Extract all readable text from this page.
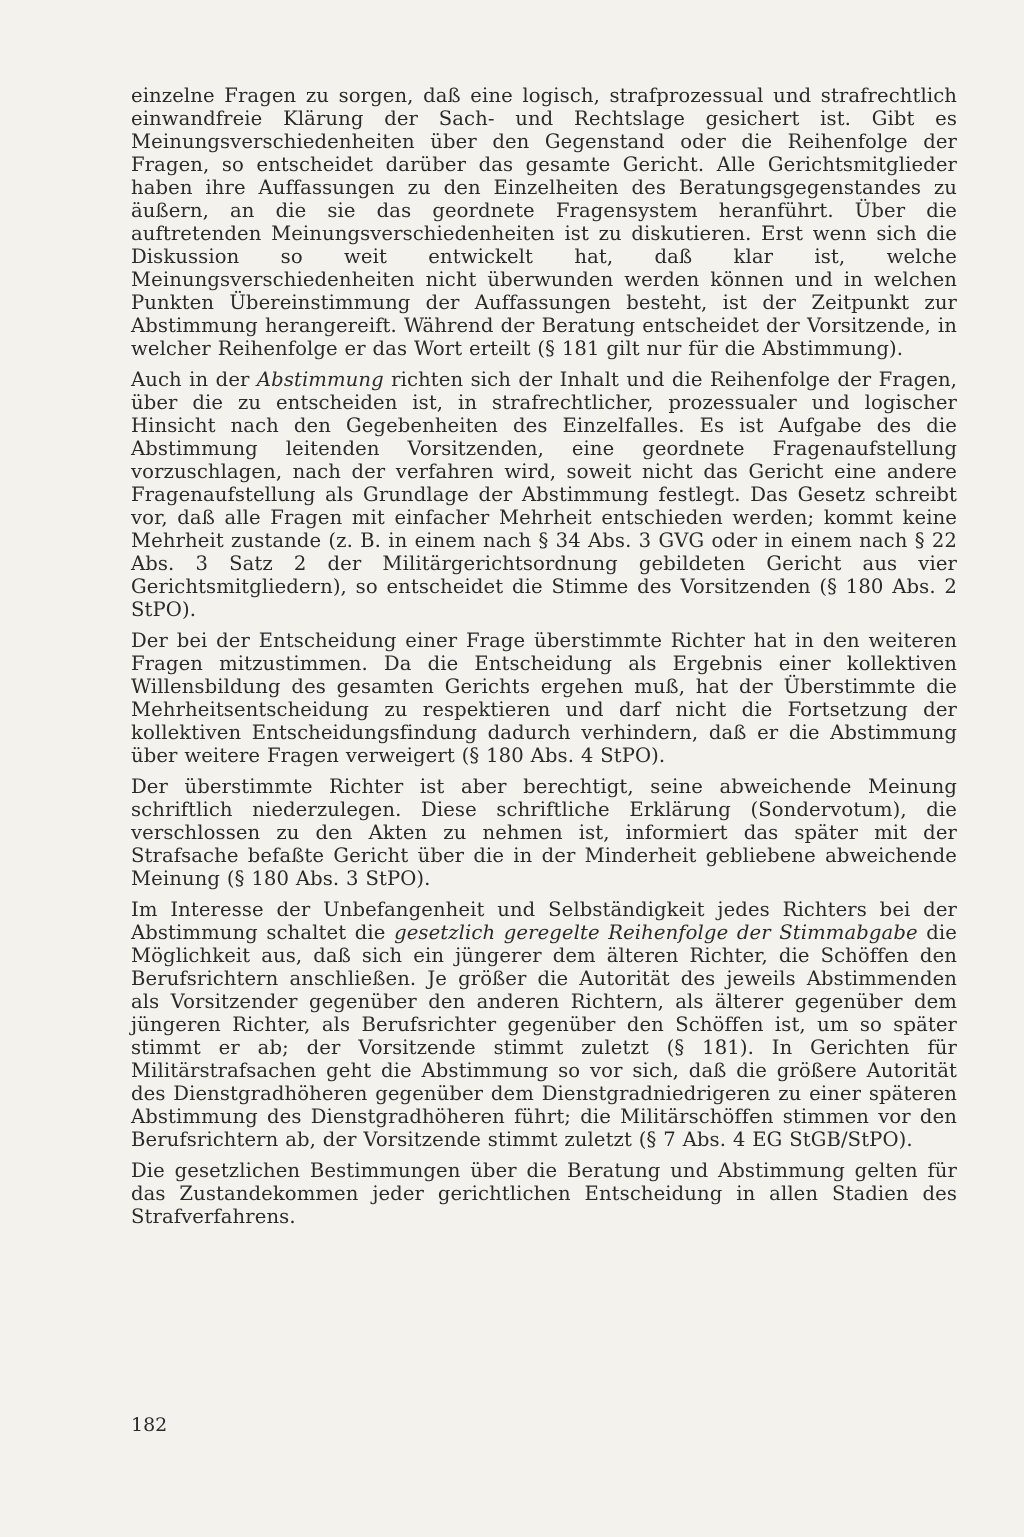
einzelne Fragen zu sorgen, daß eine logisch, strafprozessual und strafrechtlich einwandfreie Klärung der Sach- und Rechtslage gesichert ist. Gibt es Meinungsverschiedenheiten über den Gegenstand oder die Reihenfolge der Fragen, so entscheidet darüber das gesamte Gericht. Alle Gerichtsmitglieder haben ihre Auffassungen zu den Einzelheiten des Beratungsgegenstandes zu äußern, an die sie das geordnete Fragensystem heranführt. Über die auftretenden Meinungsverschiedenheiten ist zu diskutieren. Erst wenn sich die Diskussion so weit entwickelt hat, daß klar ist, welche Meinungsverschiedenheiten nicht überwunden werden können und in welchen Punkten Übereinstimmung der Auffassungen besteht, ist der Zeitpunkt zur Abstimmung herangereift. Während der Beratung entscheidet der Vorsitzende, in welcher Reihenfolge er das Wort erteilt (§ 181 gilt nur für die Abstimmung).

Auch in der Abstimmung richten sich der Inhalt und die Reihenfolge der Fragen, über die zu entscheiden ist, in strafrechtlicher, prozessualer und logischer Hinsicht nach den Gegebenheiten des Einzelfalles. Es ist Aufgabe des die Abstimmung leitenden Vorsitzenden, eine geordnete Fragenaufstellung vorzuschlagen, nach der verfahren wird, soweit nicht das Gericht eine andere Fragenaufstellung als Grundlage der Abstimmung festlegt. Das Gesetz schreibt vor, daß alle Fragen mit einfacher Mehrheit entschieden werden; kommt keine Mehrheit zustande (z. B. in einem nach § 34 Abs. 3 GVG oder in einem nach § 22 Abs. 3 Satz 2 der Militärgerichtsordnung gebildeten Gericht aus vier Gerichtsmitgliedern), so entscheidet die Stimme des Vorsitzenden (§ 180 Abs. 2 StPO).

Der bei der Entscheidung einer Frage überstimmte Richter hat in den weiteren Fragen mitzustimmen. Da die Entscheidung als Ergebnis einer kollektiven Willensbildung des gesamten Gerichts ergehen muß, hat der Überstimmte die Mehrheitsentscheidung zu respektieren und darf nicht die Fortsetzung der kollektiven Entscheidungsfindung dadurch verhindern, daß er die Abstimmung über weitere Fragen verweigert (§ 180 Abs. 4 StPO).

Der überstimmte Richter ist aber berechtigt, seine abweichende Meinung schriftlich niederzulegen. Diese schriftliche Erklärung (Sondervotum), die verschlossen zu den Akten zu nehmen ist, informiert das später mit der Strafsache befaßte Gericht über die in der Minderheit gebliebene abweichende Meinung (§ 180 Abs. 3 StPO).

Im Interesse der Unbefangenheit und Selbständigkeit jedes Richters bei der Abstimmung schaltet die gesetzlich geregelte Reihenfolge der Stimmabgabe die Möglichkeit aus, daß sich ein jüngerer dem älteren Richter, die Schöffen den Berufsrichtern anschließen. Je größer die Autorität des jeweils Abstimmenden als Vorsitzender gegenüber den anderen Richtern, als älterer gegenüber dem jüngeren Richter, als Berufsrichter gegenüber den Schöffen ist, um so später stimmt er ab; der Vorsitzende stimmt zuletzt (§ 181). In Gerichten für Militärstrafsachen geht die Abstimmung so vor sich, daß die größere Autorität des Dienstgradhöheren gegenüber dem Dienstgradniedrigeren zu einer späteren Abstimmung des Dienstgradhöheren führt; die Militärschöffen stimmen vor den Berufsrichtern ab, der Vorsitzende stimmt zuletzt (§ 7 Abs. 4 EG StGB/StPO).

Die gesetzlichen Bestimmungen über die Beratung und Abstimmung gelten für das Zustandekommen jeder gerichtlichen Entscheidung in allen Stadien des Strafverfahrens.

182
